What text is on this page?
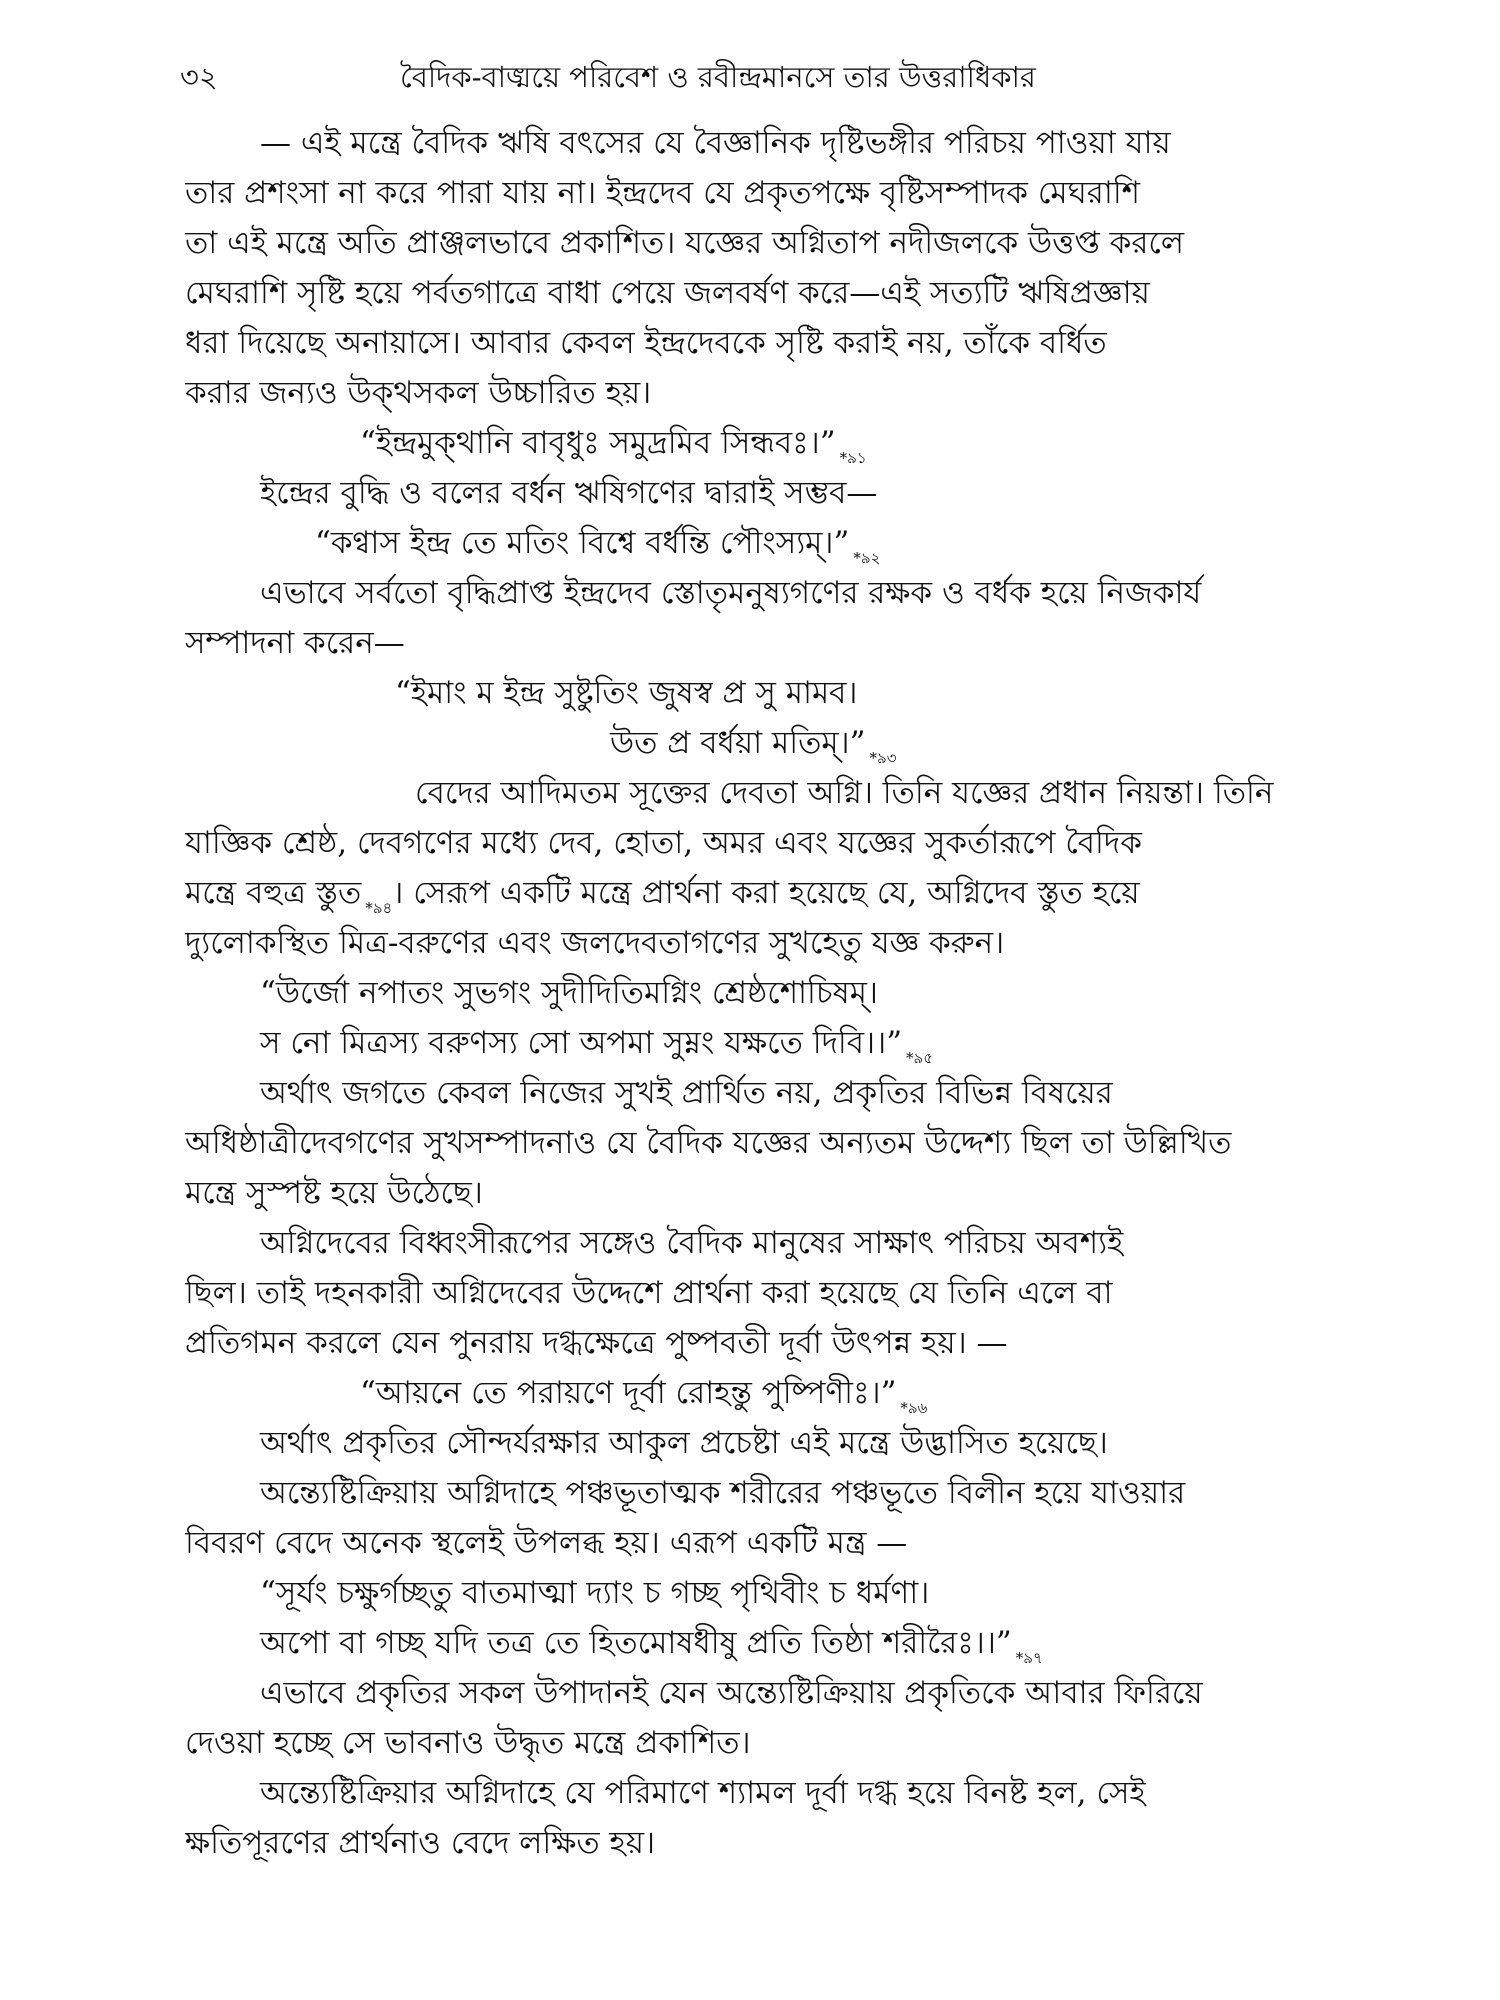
৩২	বৈদিক-বাঙ্ময়ে পরিবেশ ও রবীন্দ্রমানসে তার উত্তরাধিকার
— এই মন্ত্রে বৈদিক ঋষি বৎসের যে বৈজ্ঞানিক দৃষ্টিভঙ্গীর পরিচয় পাওয়া যায়
তার প্রশংসা না করে পারা যায় না। ইন্দ্রদেব যে প্রকৃতপক্ষে বৃষ্টিসম্পাদক মেঘরাশি
তা এই মন্ত্রে অতি প্রাঞ্জলভাবে প্রকাশিত। যজ্ঞের অগ্নিতাপ নদীজলকে উত্তপ্ত করলে
মেঘরাশি সৃষ্টি হয়ে পর্বতগাত্রে বাধা পেয়ে জলবর্ষণ করে—এই সত্যটি ঋষিপ্রজ্ঞায়
ধরা দিয়েছে অনায়াসে। আবার কেবল ইন্দ্রদেবকে সৃষ্টি করাই নয়, তাঁকে বর্ধিত
করার জন্যও উক্থসকল উচ্চারিত হয়।
“ইন্দ্রমুক্থানি বাবৃধুঃ সমুদ্রমিব সিন্ধবঃ।” $_{*৯১}$
ইন্দ্রের বুদ্ধি ও বলের বর্ধন ঋষিগণের দ্বারাই সম্ভব—
“কণ্বাস ইন্দ্র তে মতিং বিশ্বে বর্ধন্তি পৌংস্যম্।” $_{*৯২}$
এভাবে সর্বতো বৃদ্ধিপ্রাপ্ত ইন্দ্রদেব স্তোতৃমনুষ্যগণের রক্ষক ও বর্ধক হয়ে নিজকার্য
সম্পাদনা করেন—
“ইমাং ম ইন্দ্র সুষ্টুতিং জুষস্ব প্র সু মামব।
উত প্র বর্ধয়া মতিম্।” $_{*৯৩}$
বেদের আদিমতম সূক্তের দেবতা অগ্নি। তিনি যজ্ঞের প্রধান নিয়ন্তা। তিনি
যাজ্ঞিক শ্রেষ্ঠ, দেবগণের মধ্যে দেব, হোতা, অমর এবং যজ্ঞের সুকর্তারূপে বৈদিক
মন্ত্রে বহুত্র স্তুত $_{*৯৪}$। সেরূপ একটি মন্ত্রে প্রার্থনা করা হয়েছে যে, অগ্নিদেব স্তুত হয়ে
দ্যুলোকস্থিত মিত্র-বরুণের এবং জলদেবতাগণের সুখহেতু যজ্ঞ করুন।
“উর্জো নপাতং সুভগং সুদীদিতিমগ্নিং শ্রেষ্ঠশোচিষম্।
স নো মিত্রস্য বরুণস্য সো অপমা সুম্নং যক্ষতে দিবি।।” $_{*৯৫}$
অর্থাৎ জগতে কেবল নিজের সুখই প্রার্থিত নয়, প্রকৃতির বিভিন্ন বিষয়ের
অধিষ্ঠাত্রীদেবগণের সুখসম্পাদনাও যে বৈদিক যজ্ঞের অন্যতম উদ্দেশ্য ছিল তা উল্লিখিত
মন্ত্রে সুস্পষ্ট হয়ে উঠেছে।
অগ্নিদেবের বিধ্বংসীরূপের সঙ্গেও বৈদিক মানুষের সাক্ষাৎ পরিচয় অবশ্যই
ছিল। তাই দহনকারী অগ্নিদেবের উদ্দেশে প্রার্থনা করা হয়েছে যে তিনি এলে বা
প্রতিগমন করলে যেন পুনরায় দগ্ধক্ষেত্রে পুষ্পবতী দূর্বা উৎপন্ন হয়। —
“আয়নে তে পরায়ণে দূর্বা রোহন্তু পুষ্পিণীঃ।” $_{*৯৬}$
অর্থাৎ প্রকৃতির সৌন্দর্যরক্ষার আকুল প্রচেষ্টা এই মন্ত্রে উদ্ভাসিত হয়েছে।
অন্ত্যেষ্টিক্রিয়ায় অগ্নিদাহে পঞ্চভূতাত্মক শরীরের পঞ্চভূতে বিলীন হয়ে যাওয়ার
বিবরণ বেদে অনেক স্থলেই উপলব্ধ হয়। এরূপ একটি মন্ত্র —
“সূর্যং চক্ষুর্গচ্ছতু বাতমাত্মা দ্যাং চ গচ্ছ পৃথিবীং চ ধর্মণা।
অপো বা গচ্ছ যদি তত্র তে হিতমোষধীষু প্রতি তিষ্ঠা শরীরৈঃ।।” $_{*৯৭}$
এভাবে প্রকৃতির সকল উপাদানই যেন অন্ত্যেষ্টিক্রিয়ায় প্রকৃতিকে আবার ফিরিয়ে
দেওয়া হচ্ছে সে ভাবনাও উদ্ধৃত মন্ত্রে প্রকাশিত।
অন্ত্যেষ্টিক্রিয়ার অগ্নিদাহে যে পরিমাণে শ্যামল দূর্বা দগ্ধ হয়ে বিনষ্ট হল, সেই
ক্ষতিপূরণের প্রার্থনাও বেদে লক্ষিত হয়।
